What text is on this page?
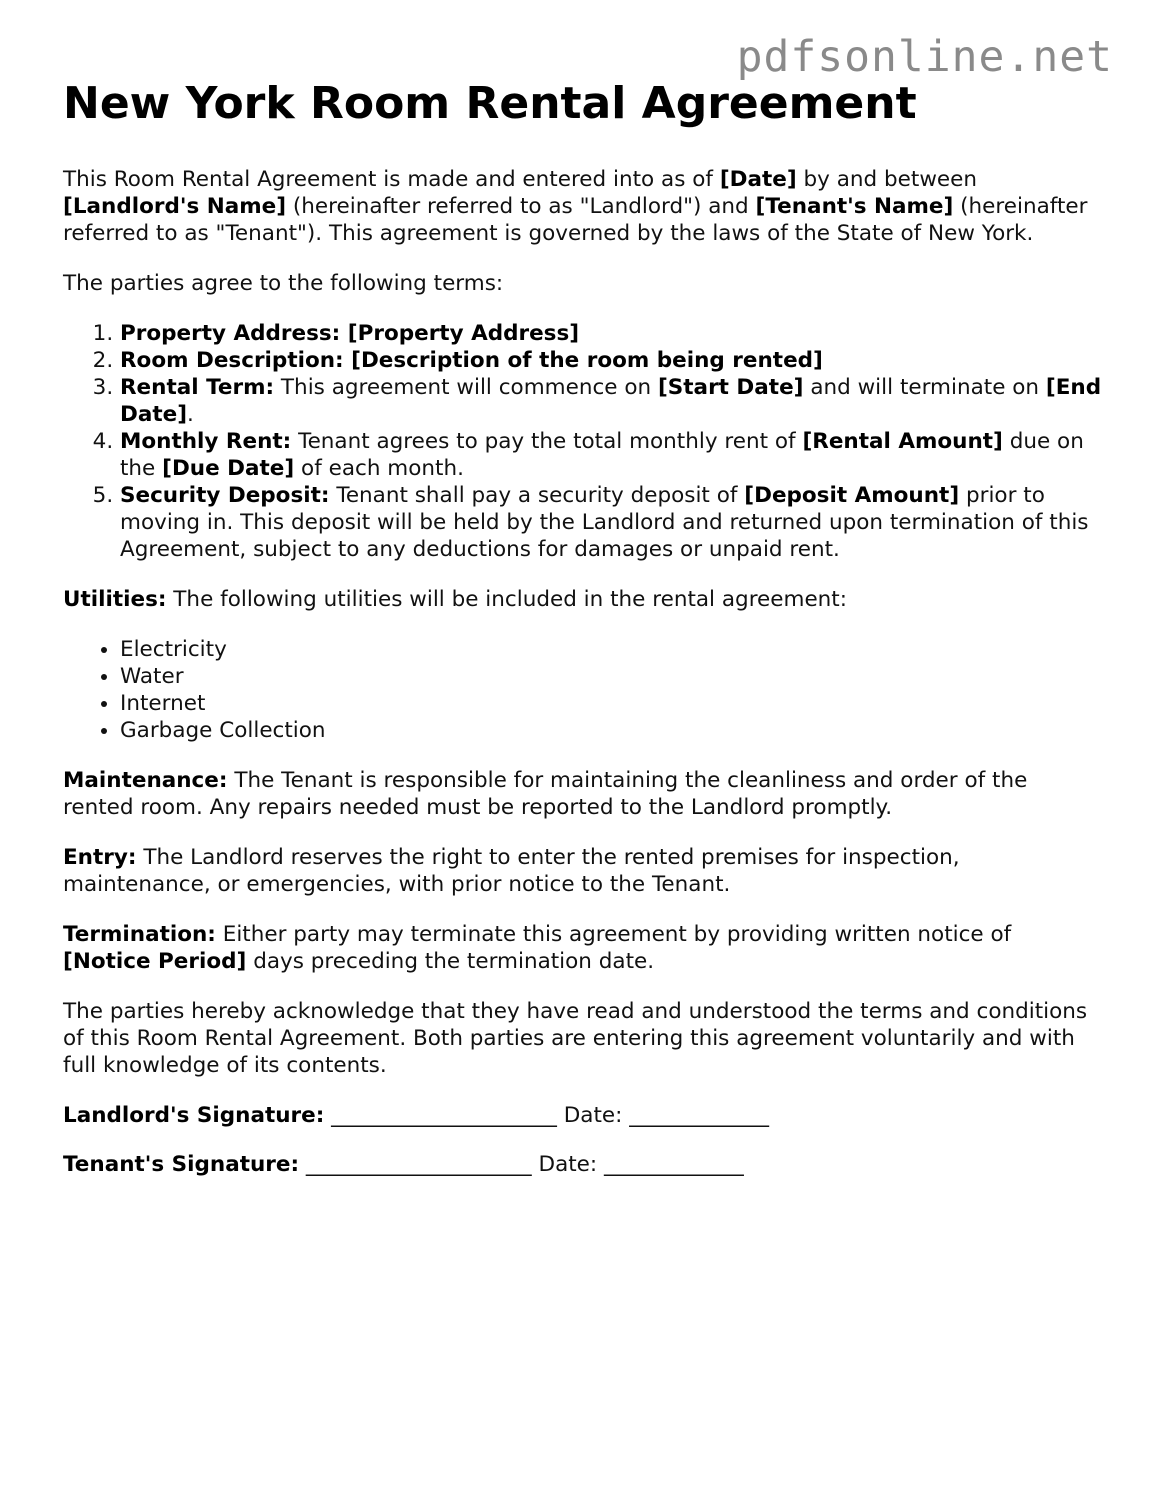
pdfsonline.net
New York Room Rental Agreement

This Room Rental Agreement is made and entered into as of [Date] by and between
[Landlord's Name] (hereinafter referred to as "Landlord") and [Tenant's Name] (hereinafter referred to as "Tenant"). This agreement is governed by the laws of the State of New York.

The parties agree to the following terms:

1. Property Address: [Property Address]
2. Room Description: [Description of the room being rented]
3. Rental Term: This agreement will commence on [Start Date] and will terminate on [End Date].
4. Monthly Rent: Tenant agrees to pay the total monthly rent of [Rental Amount] due on the [Due Date] of each month.
5. Security Deposit: Tenant shall pay a security deposit of [Deposit Amount] prior to moving in. This deposit will be held by the Landlord and returned upon termination of this Agreement, subject to any deductions for damages or unpaid rent.

Utilities: The following utilities will be included in the rental agreement:

• Electricity
• Water
• Internet
• Garbage Collection

Maintenance: The Tenant is responsible for maintaining the cleanliness and order of the rented room. Any repairs needed must be reported to the Landlord promptly.

Entry: The Landlord reserves the right to enter the rented premises for inspection, maintenance, or emergencies, with prior notice to the Tenant.

Termination: Either party may terminate this agreement by providing written notice of
[Notice Period] days preceding the termination date.

The parties hereby acknowledge that they have read and understood the terms and conditions of this Room Rental Agreement. Both parties are entering this agreement voluntarily and with full knowledge of its contents.

Landlord's Signature: _____________________ Date: _____________

Tenant's Signature: _____________________ Date: _____________
